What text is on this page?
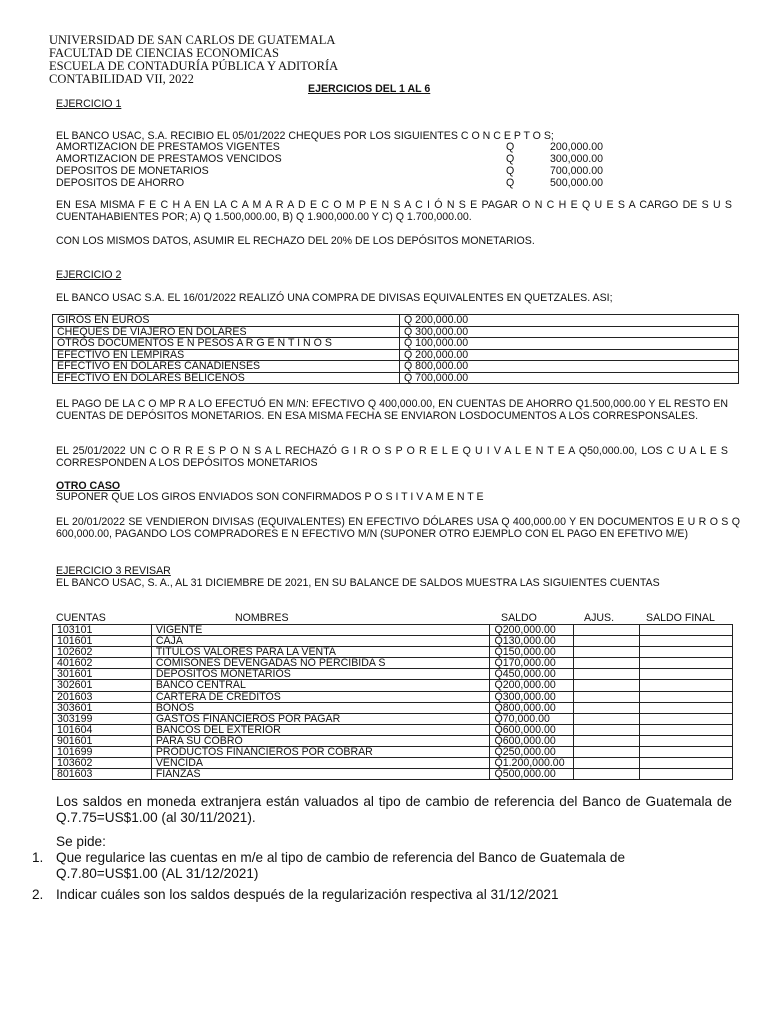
UNIVERSIDAD DE SAN CARLOS DE GUATEMALA
FACULTAD DE CIENCIAS ECONOMICAS
ESCUELA DE CONTADURÍA PÚBLICA Y ADITORÍA
CONTABILIDAD VII, 2022
EJERCICIOS DEL 1 AL 6
EJERCICIO 1
EL BANCO USAC, S.A. RECIBIO EL 05/01/2022 CHEQUES POR LOS SIGUIENTES C O N C E P T O S;
AMORTIZACION DE PRESTAMOS VIGENTES	Q	200,000.00
AMORTIZACION DE PRESTAMOS VENCIDOS	Q	300,000.00
DEPOSITOS DE MONETARIOS	Q	700,000.00
DEPOSITOS DE AHORRO	Q	500,000.00
EN ESA MISMA F E C H A EN LA C A M A R A D E C O M P E N S A C I Ó N S E PAGAR O N C H E Q U E S A CARGO DE S U S CUENTAHABIENTES POR; A) Q 1.500,000.00, B) Q 1.900,000.00 Y C) Q 1.700,000.00.
CON LOS MISMOS DATOS, ASUMIR EL RECHAZO DEL 20% DE LOS DEPÓSITOS MONETARIOS.
EJERCICIO 2
EL BANCO USAC S.A. EL 16/01/2022 REALIZÓ UNA COMPRA DE DIVISAS EQUIVALENTES EN QUETZALES. ASI;
GIROS EN EUROS	Q 200,000.00
CHEQUES DE VIAJERO EN DOLARES	Q 300,000.00
OTROS DOCUMENTOS E N PESOS A R G E N T I N O S	Q 100,000.00
EFECTIVO EN LEMPIRAS	Q 200,000.00
EFECTIVO EN DOLARES CANADIENSES	Q 800,000.00
EFECTIVO EN DOLARES BELICENOS	Q 700,000.00
EL PAGO DE LA C O MP R A LO EFECTUÓ EN M/N: EFECTIVO Q 400,000.00, EN CUENTAS DE AHORRO Q1.500,000.00 Y EL RESTO EN CUENTAS DE DEPÓSITOS MONETARIOS. EN ESA MISMA FECHA SE ENVIARON LOSDOCUMENTOS A LOS CORRESPONSALES.
EL 25/01/2022 UN C O R R E S P O N S A L RECHAZÓ G I R O S P O R E L E Q U I V A L E N T E A Q50,000.00, LOS C U A L E S CORRESPONDEN A LOS DEPÓSITOS MONETARIOS
OTRO CASO
SUPONER QUE LOS GIROS ENVIADOS SON CONFIRMADOS P O S I T I V A M E N T E
EL 20/01/2022 SE VENDIERON DIVISAS (EQUIVALENTES) EN EFECTIVO DÓLARES USA Q 400,000.00 Y EN DOCUMENTOS E U R O S Q 600,000.00, PAGANDO LOS COMPRADORES E N EFECTIVO M/N (SUPONER OTRO EJEMPLO CON EL PAGO EN EFETIVO M/E)
EJERCICIO 3 REVISAR
EL BANCO USAC, S. A., AL 31 DICIEMBRE DE 2021, EN SU BALANCE DE SALDOS MUESTRA LAS SIGUIENTES CUENTAS
CUENTAS	NOMBRES	SALDO	AJUS.	SALDO FINAL
103101	VIGENTE	Q200,000.00		
101601	CAJA	Q130,000.00		
102602	TITULOS VALORES PARA LA VENTA	Q150,000.00		
401602	COMISONES DEVENGADAS NO PERCIBIDA S	Q170,000.00		
301601	DEPOSITOS MONETARIOS	Q450,000.00		
302601	BANCO CENTRAL	Q200,000.00		
201603	CARTERA DE CREDITOS	Q300,000.00		
303601	BONOS	Q800,000.00		
303199	GASTOS FINANCIEROS POR PAGAR	Q70,000.00		
101604	BANCOS DEL EXTERIOR	Q600,000.00		
901601	PARA SU COBRO	Q600,000.00		
101699	PRODUCTOS FINANCIEROS POR COBRAR	Q250,000.00		
103602	VENCIDA	Q1.200,000.00		
801603	FIANZAS	Q500,000.00		
Los saldos en moneda extranjera están valuados al tipo de cambio de referencia del Banco de Guatemala de Q.7.75=US$1.00 (al 30/11/2021).
Se pide:
1. Que regularice las cuentas en m/e al tipo de cambio de referencia del Banco de Guatemala de Q.7.80=US$1.00 (AL 31/12/2021)
2. Indicar cuáles son los saldos después de la regularización respectiva al 31/12/2021
